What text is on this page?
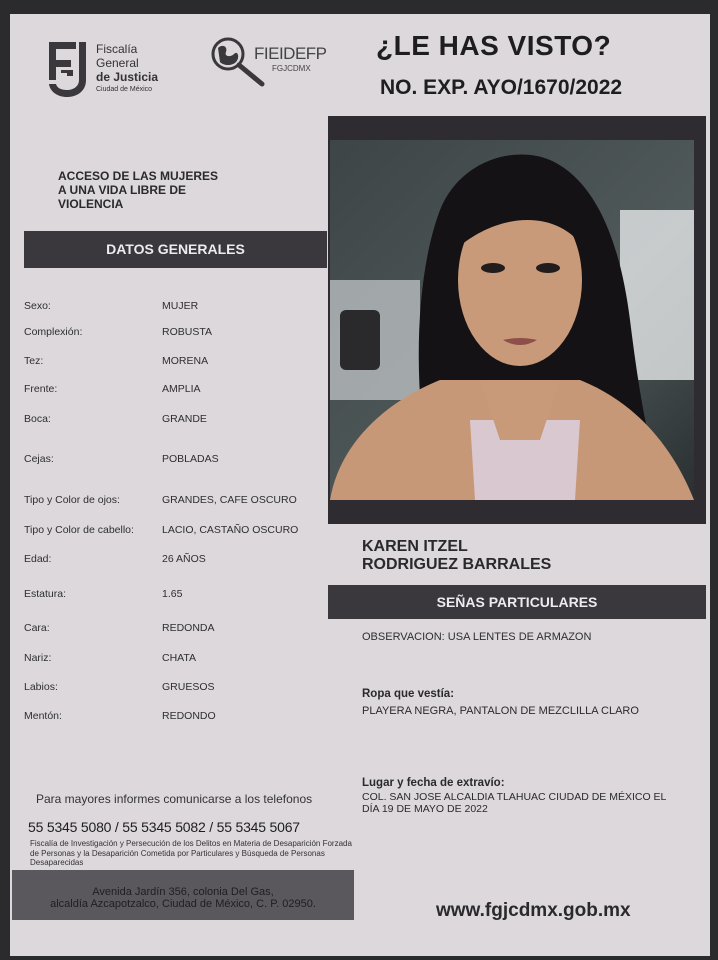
Fiscalía
General
de Justicia
Ciudad de México
FIEIDEFP
FGJCDMX
¿LE HAS VISTO?
NO. EXP. AYO/1670/2022
ACCESO DE LAS MUJERES
A UNA VIDA LIBRE DE
VIOLENCIA
DATOS GENERALES
Sexo:	MUJER
Complexión:	ROBUSTA
Tez:	MORENA
Frente:	AMPLIA
Boca:	GRANDE
Cejas:	POBLADAS
Tipo y Color de ojos:	GRANDES, CAFE OSCURO
Tipo y Color de cabello:	LACIO, CASTAÑO OSCURO
Edad:	26 AÑOS
Estatura:	1.65
Cara:	REDONDA
Nariz:	CHATA
Labios:	GRUESOS
Mentón:	REDONDO
KAREN ITZEL
RODRIGUEZ BARRALES
SEÑAS PARTICULARES
OBSERVACION: USA LENTES DE ARMAZON
Ropa que vestía:
PLAYERA NEGRA, PANTALON DE MEZCLILLA CLARO
Lugar y fecha de extravío:
COL. SAN JOSE ALCALDIA TLAHUAC CIUDAD DE MÉXICO EL
DÍA 19 DE MAYO DE 2022
Para mayores informes comunicarse a los telefonos
55 5345 5080 / 55 5345 5082 / 55 5345 5067
Fiscalía de Investigación y Persecución de los Delitos en Materia de Desaparición Forzada de Personas y la Desaparición Cometida por Particulares y Búsqueda de Personas Desaparecidas
Avenida Jardín 356, colonia Del Gas,
alcaldía Azcapotzalco, Ciudad de México, C. P. 02950.	www.fgjcdmx.gob.mx
